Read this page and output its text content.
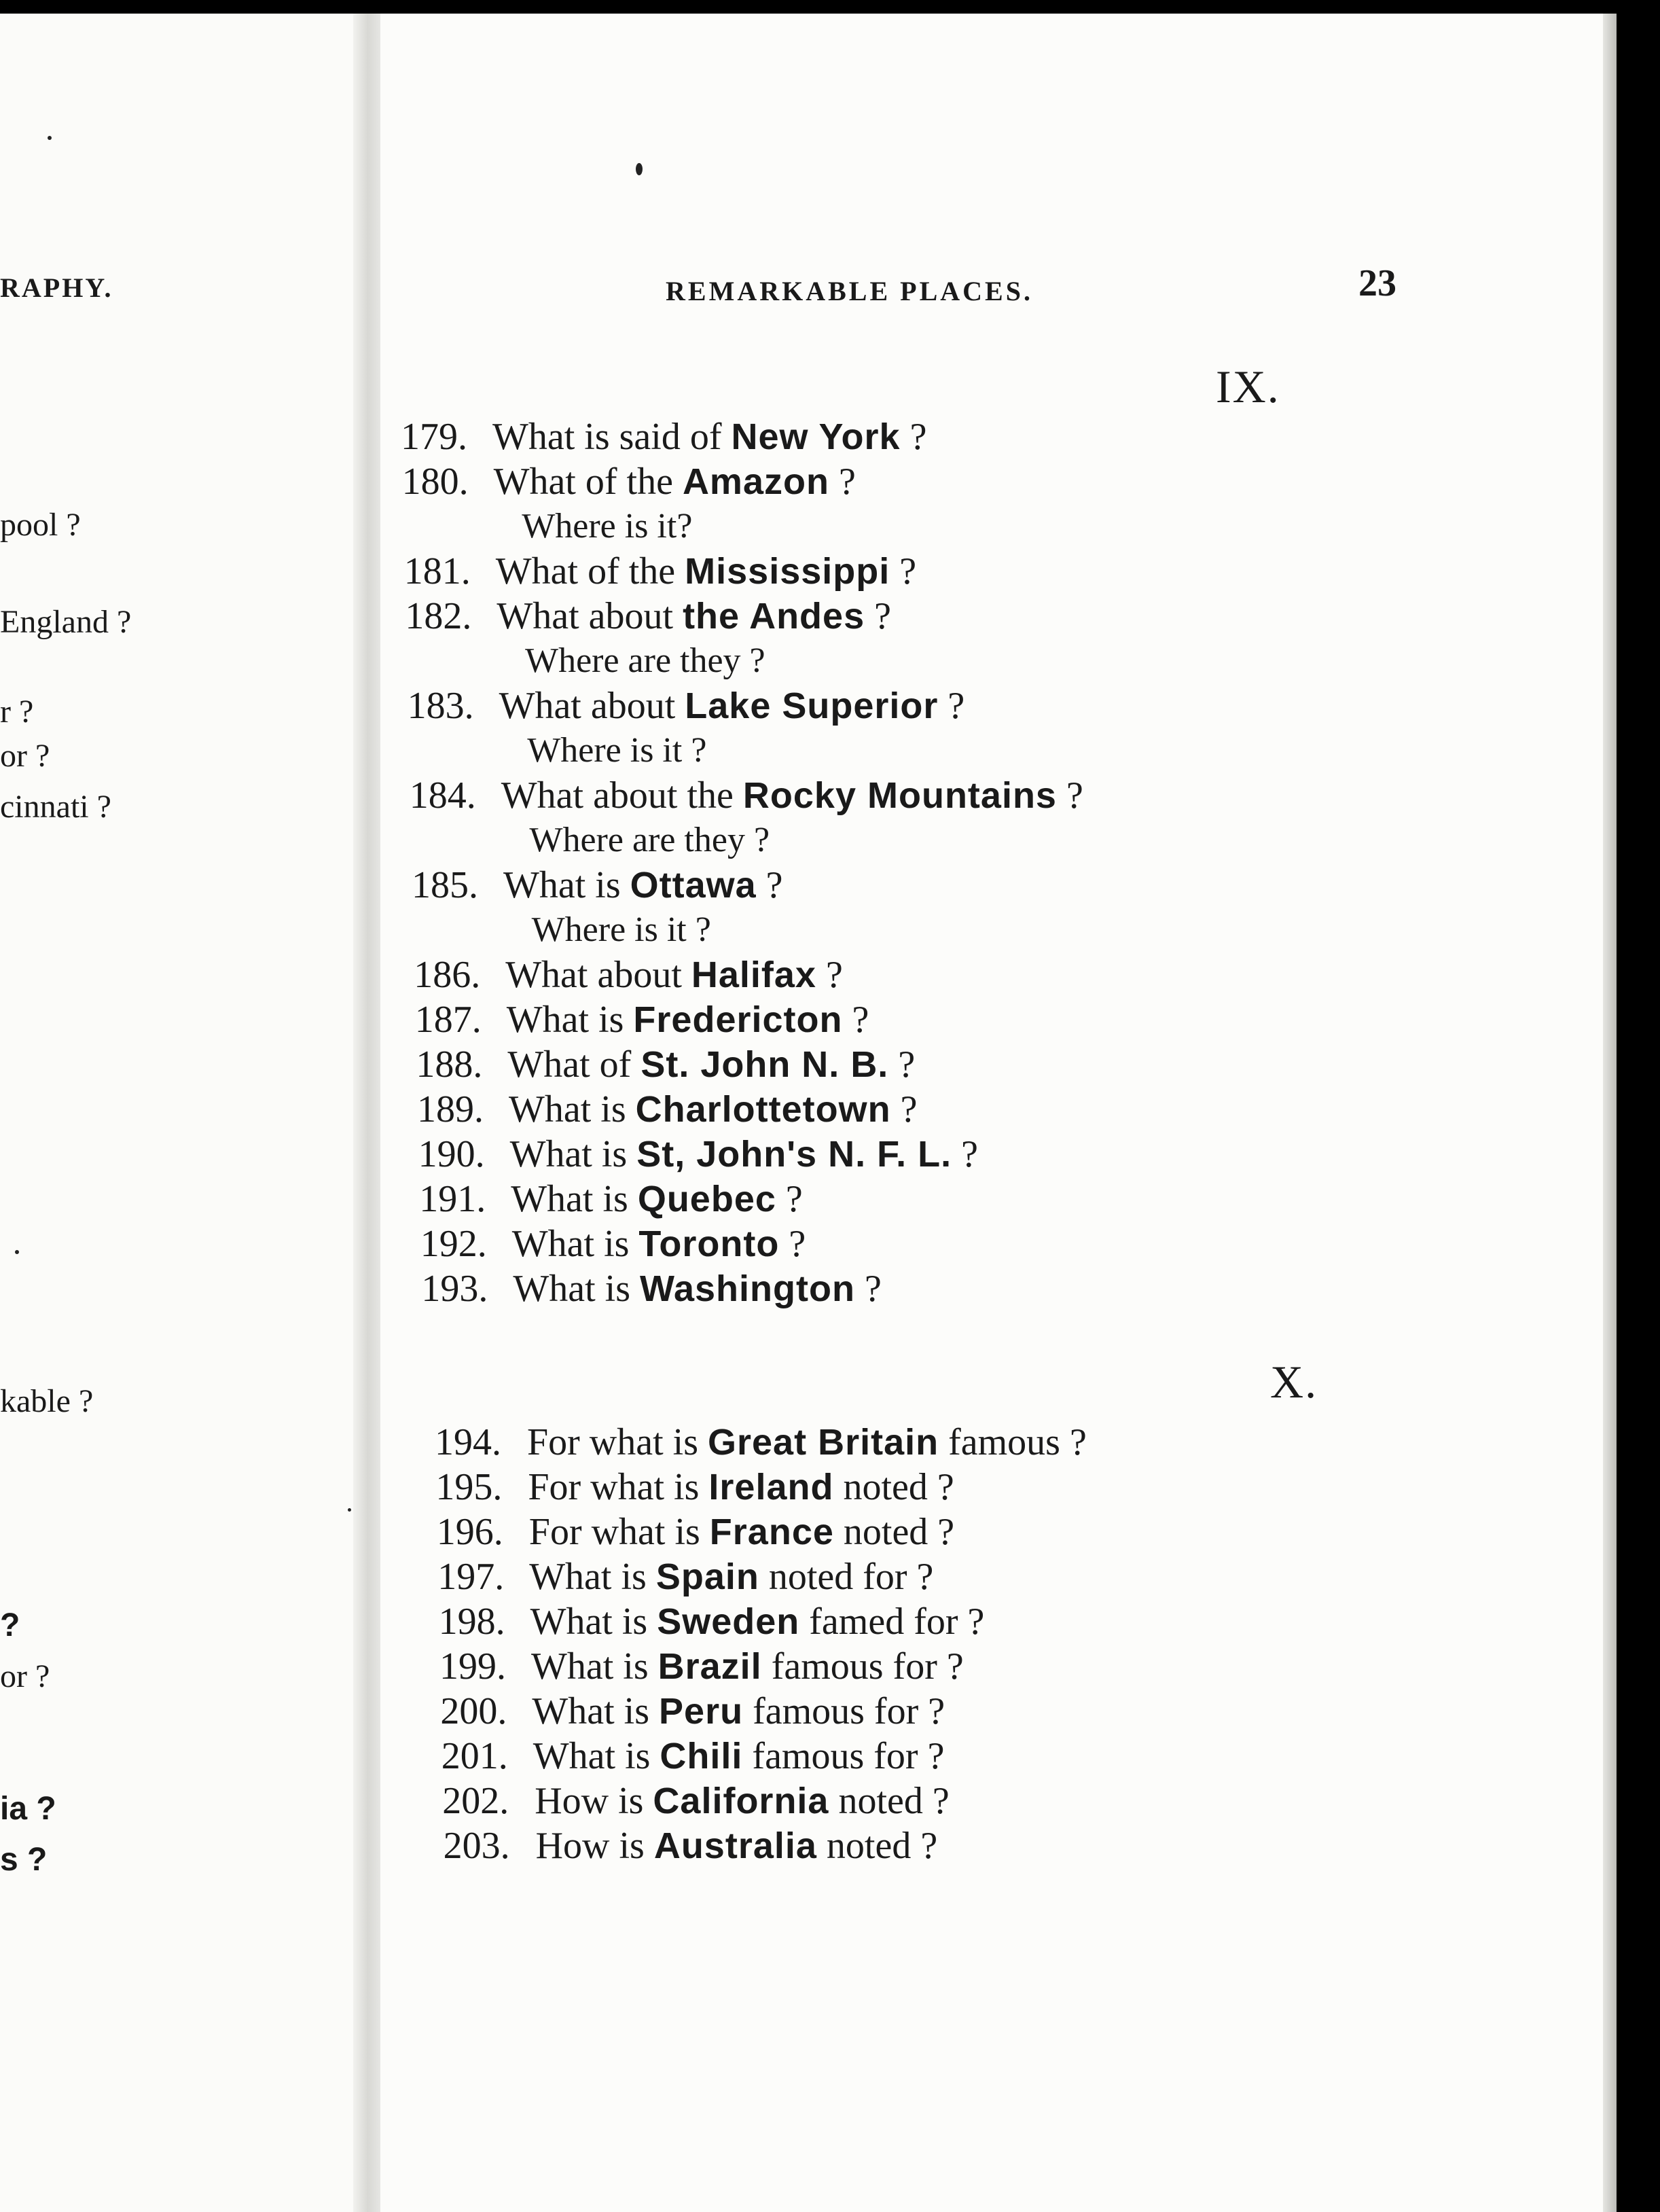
RAPHY.
pool ?
England ?
r ?
or ?
cinnati ?
kable ?
?
or ?
ia ?
s ?
REMARKABLE PLACES.	23
IX.
179. What is said of New York ?
180. What of the Amazon ?
Where is it?
181. What of the Mississippi ?
182. What about the Andes ?
Where are they ?
183. What about Lake Superior ?
Where is it ?
184. What about the Rocky Mountains ?
Where are they ?
185. What is Ottawa ?
Where is it ?
186. What about Halifax ?
187. What is Fredericton ?
188. What of St. John N. B. ?
189. What is Charlottetown ?
190. What is St, John's N. F. L. ?
191. What is Quebec ?
192. What is Toronto ?
193. What is Washington ?
X.
194. For what is Great Britain famous ?
195. For what is Ireland noted ?
196. For what is France noted ?
197. What is Spain noted for ?
198. What is Sweden famed for ?
199. What is Brazil famous for ?
200. What is Peru famous for ?
201. What is Chili famous for ?
202. How is California noted ?
203. How is Australia noted ?
